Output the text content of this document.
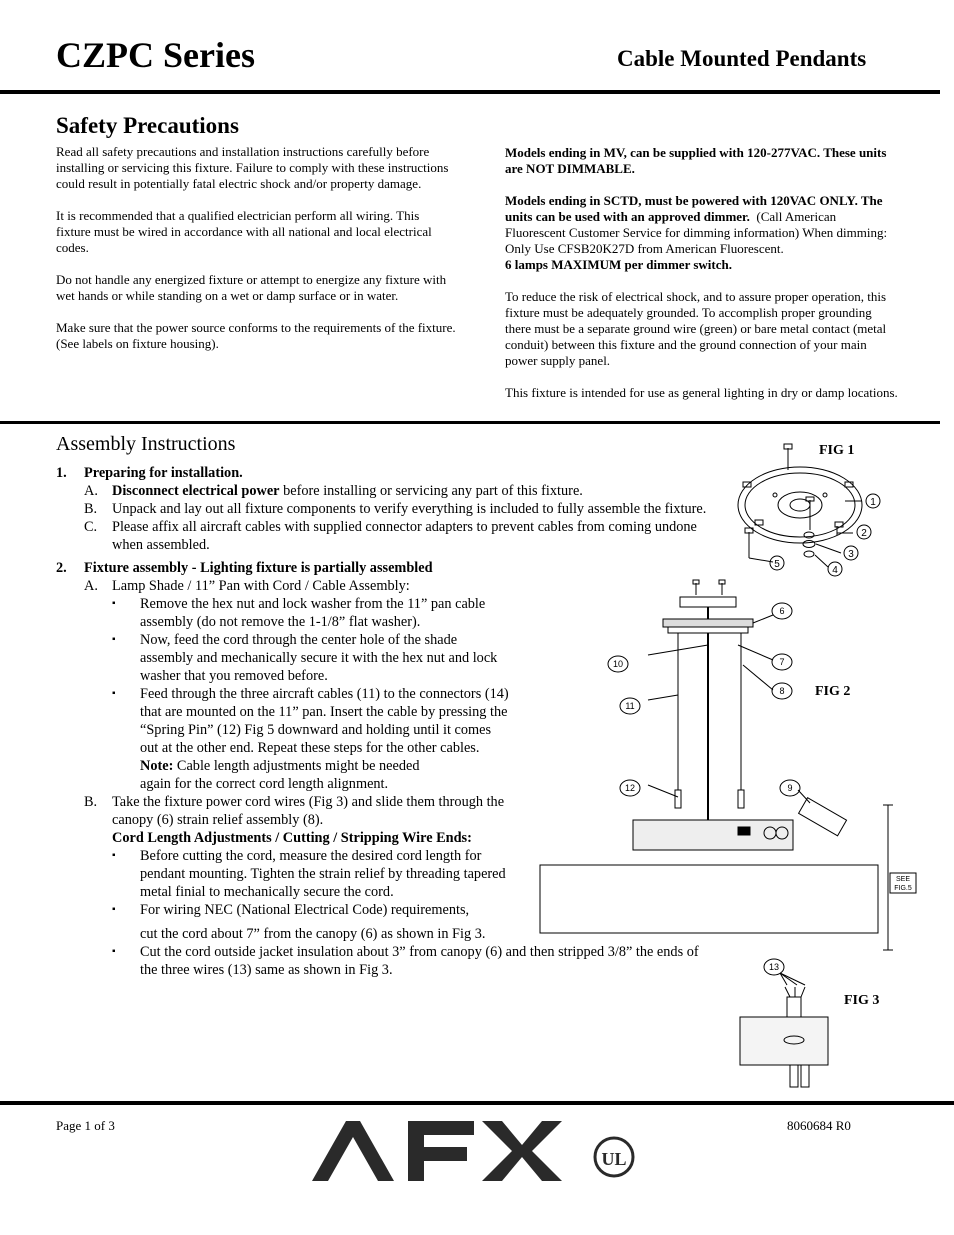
CZPC Series	Cable Mounted Pendants
Safety Precautions

Read all safety precautions and installation instructions carefully before installing or servicing this fixture. Failure to comply with these instructions could result in potentially fatal electric shock and/or property damage.

It is recommended that a qualified electrician perform all wiring. This fixture must be wired in accordance with all national and local electrical codes.

Do not handle any energized fixture or attempt to energize any fixture with wet hands or while standing on a wet or damp surface or in water.

Make sure that the power source conforms to the requirements of the fixture. (See labels on fixture housing).

Models ending in MV, can be supplied with 120-277VAC. These units are NOT DIMMABLE.

Models ending in SCTD, must be powered with 120VAC ONLY. The units can be used with an approved dimmer. (Call American Fluorescent Customer Service for dimming information) When dimming: Only Use CFSB20K27D from American Fluorescent.

6 lamps MAXIMUM per dimmer switch.

To reduce the risk of electrical shock, and to assure proper operation, this fixture must be adequately grounded. To accomplish proper grounding there must be a separate ground wire (green) or bare metal contact (metal conduit) between this fixture and the ground connection of your main power supply panel.

This fixture is intended for use as general lighting in dry or damp locations.

Assembly Instructions
1.	Preparing for installation.
A. Disconnect electrical power before installing or servicing any part of this fixture.
B.	Unpack and lay out all fixture components to verify everything is included to fully assemble the fixture.
C.	Please affix all aircraft cables with supplied connector adapters to prevent cables from coming undone when assembled.
2.	Fixture assembly - Lighting fixture is partially assembled
A. Lamp Shade / 11” Pan with Cord / Cable Assembly:
▪	Remove the hex nut and lock washer from the 11” pan cable assembly (do not remove the 1-1/8” flat washer).
▪	Now, feed the cord through the center hole of the shade assembly and mechanically secure it with the hex nut and lock washer that you removed before.
▪	Feed through the three aircraft cables (11) to the connectors (14) that are mounted on the 11” pan. Insert the cable by pressing the “Spring Pin” (12) Fig 5 downward and holding until it comes out at the other end. Repeat these steps for the other cables.
Note: Cable length adjustments might be needed again for the correct cord length alignment.
B.	Take the fixture power cord wires (Fig 3) and slide them through the canopy (6) strain relief assembly (8).
Cord Length Adjustments / Cutting / Stripping Wire Ends:
▪	Before cutting the cord, measure the desired cord length for pendant mounting. Tighten the strain relief by threading tapered metal finial to mechanically secure the cord.
▪	For wiring NEC (National Electrical Code) requirements,
cut the cord about 7” from the canopy (6) as shown in Fig 3.
▪	Cut the cord outside jacket insulation about 3” from canopy (6) and then stripped 3/8” the ends of the three wires (13) same as shown in Fig 3.
FIG 1
1
2
3
4
5
FIG 2
6
7
8
9
10
11
12
SEE
FIG.5
FIG 3
13
Page 1 of 3	8060684 R0
UL
